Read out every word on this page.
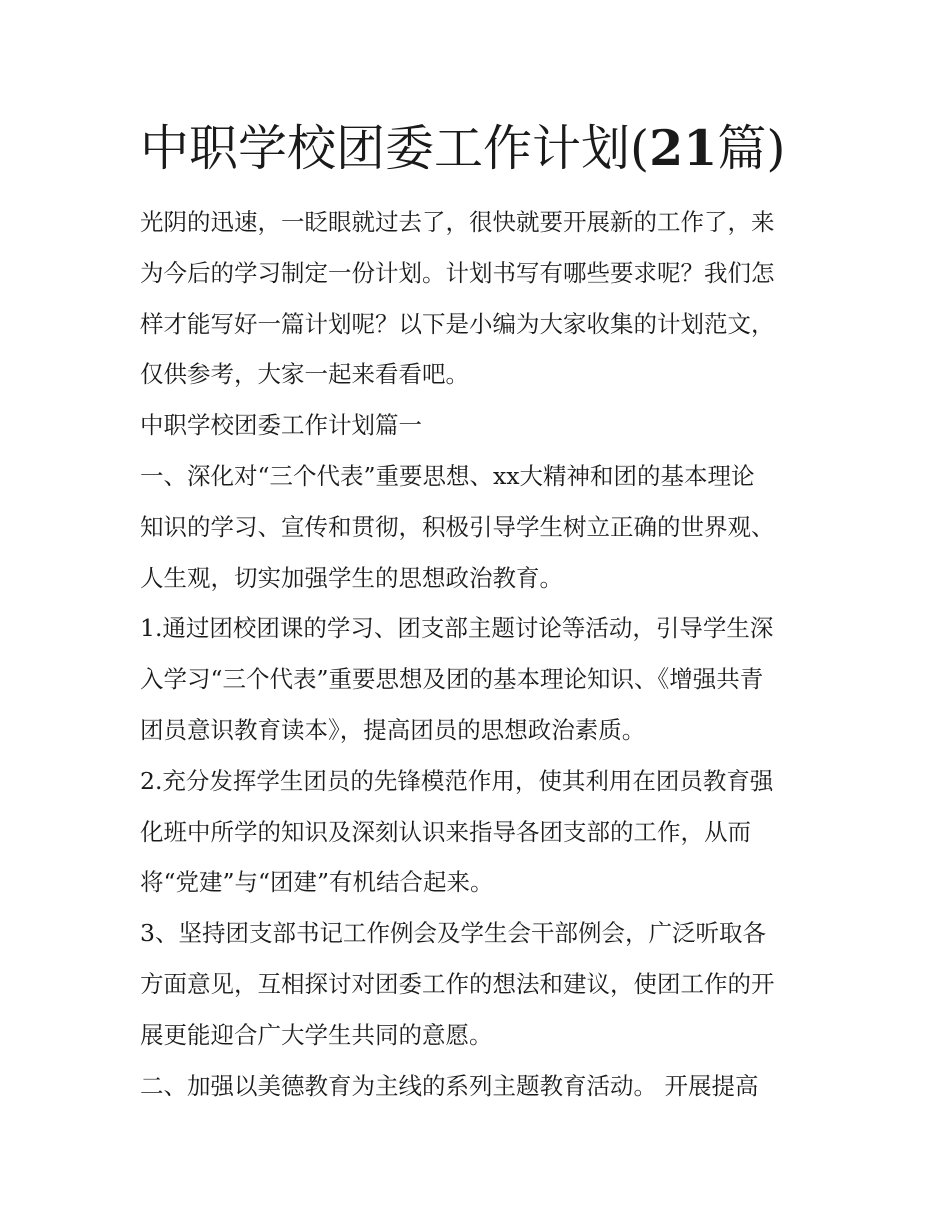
中职学校团委工作计划(21篇)
光阴的迅速，一眨眼就过去了，很快就要开展新的工作了，来
为今后的学习制定一份计划。计划书写有哪些要求呢？我们怎
样才能写好一篇计划呢？以下是小编为大家收集的计划范文，
仅供参考，大家一起来看看吧。
中职学校团委工作计划篇一
一、深化对“三个代表”重要思想、xx大精神和团的基本理论
知识的学习、宣传和贯彻，积极引导学生树立正确的世界观、
人生观，切实加强学生的思想政治教育。
1.通过团校团课的学习、团支部主题讨论等活动，引导学生深
入学习“三个代表”重要思想及团的基本理论知识、《增强共青
团员意识教育读本》，提高团员的思想政治素质。
2.充分发挥学生团员的先锋模范作用，使其利用在团员教育强
化班中所学的知识及深刻认识来指导各团支部的工作，从而
将“党建”与“团建”有机结合起来。
3、坚持团支部书记工作例会及学生会干部例会，广泛听取各
方面意见，互相探讨对团委工作的想法和建议，使团工作的开
展更能迎合广大学生共同的意愿。
二、加强以美德教育为主线的系列主题教育活动。 开展提高
